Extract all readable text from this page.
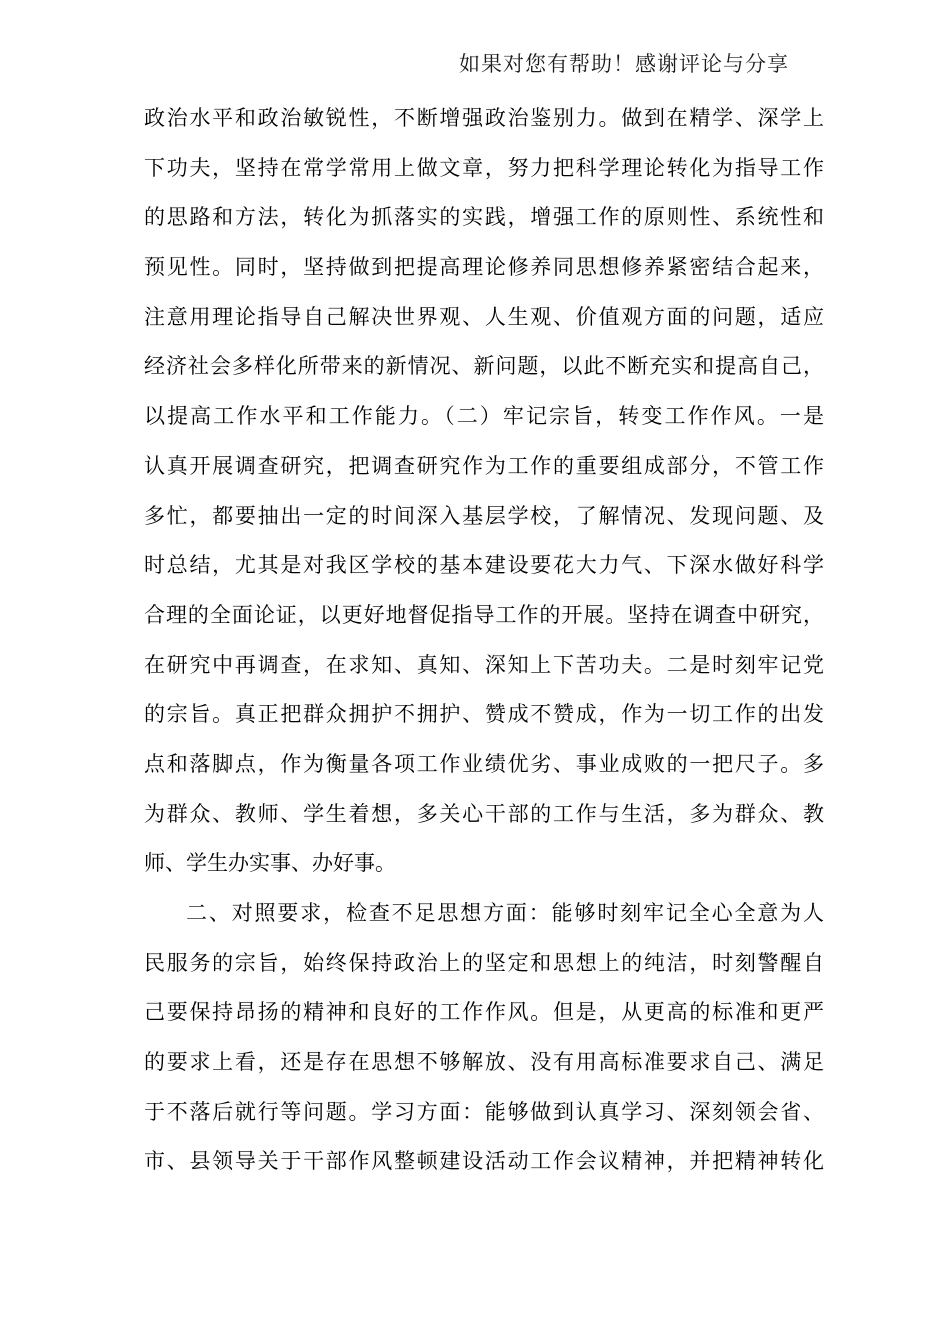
如果对您有帮助！感谢评论与分享
政治水平和政治敏锐性，不断增强政治鉴别力。做到在精学、深学上
下功夫，坚持在常学常用上做文章，努力把科学理论转化为指导工作
的思路和方法，转化为抓落实的实践，增强工作的原则性、系统性和
预见性。同时，坚持做到把提高理论修养同思想修养紧密结合起来，
注意用理论指导自己解决世界观、人生观、价值观方面的问题，适应
经济社会多样化所带来的新情况、新问题，以此不断充实和提高自己，
以提高工作水平和工作能力。（二）牢记宗旨，转变工作作风。一是
认真开展调查研究，把调查研究作为工作的重要组成部分，不管工作
多忙，都要抽出一定的时间深入基层学校，了解情况、发现问题、及
时总结，尤其是对我区学校的基本建设要花大力气、下深水做好科学
合理的全面论证，以更好地督促指导工作的开展。坚持在调查中研究，
在研究中再调查，在求知、真知、深知上下苦功夫。二是时刻牢记党
的宗旨。真正把群众拥护不拥护、赞成不赞成，作为一切工作的出发
点和落脚点，作为衡量各项工作业绩优劣、事业成败的一把尺子。多
为群众、教师、学生着想，多关心干部的工作与生活，多为群众、教
师、学生办实事、办好事。
二、对照要求，检查不足思想方面：能够时刻牢记全心全意为人
民服务的宗旨，始终保持政治上的坚定和思想上的纯洁，时刻警醒自
己要保持昂扬的精神和良好的工作作风。但是，从更高的标准和更严
的要求上看，还是存在思想不够解放、没有用高标准要求自己、满足
于不落后就行等问题。学习方面：能够做到认真学习、深刻领会省、
市、县领导关于干部作风整顿建设活动工作会议精神，并把精神转化
